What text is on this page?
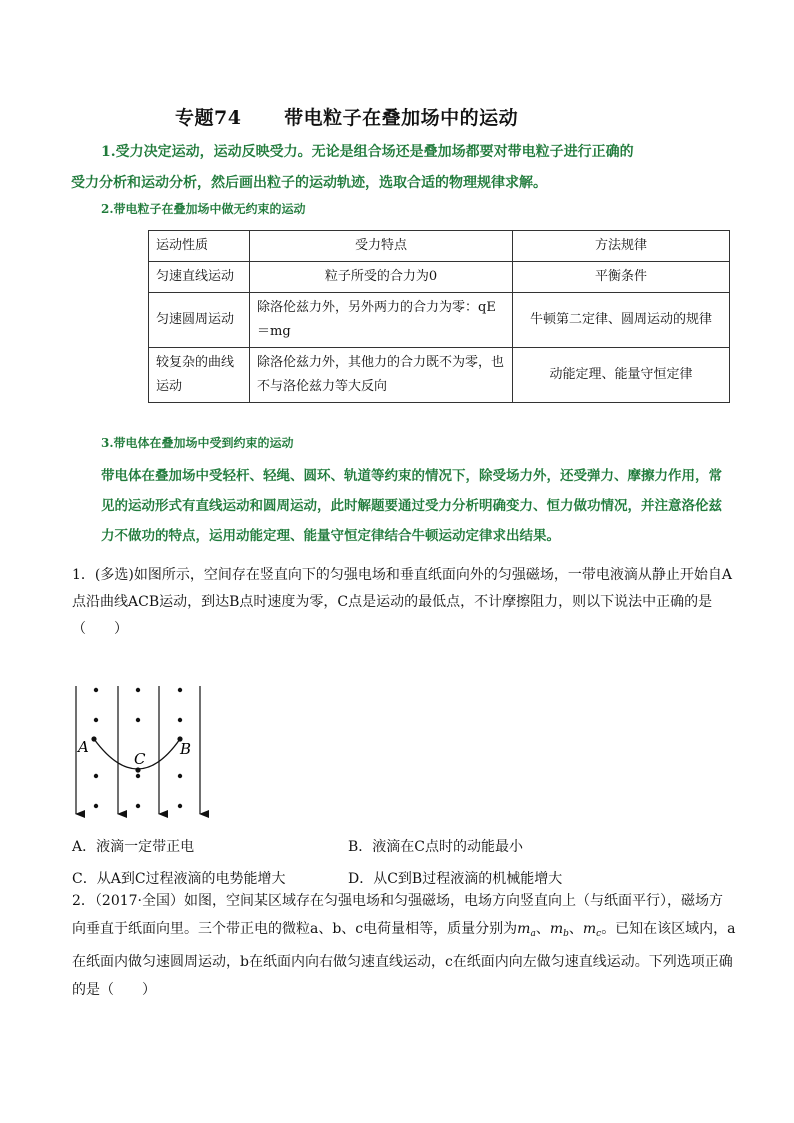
专题74      带电粒子在叠加场中的运动
1.受力决定运动，运动反映受力。无论是组合场还是叠加场都要对带电粒子进行正确的
受力分析和运动分析，然后画出粒子的运动轨迹，选取合适的物理规律求解。
2.带电粒子在叠加场中做无约束的运动
运动性质	受力特点	方法规律
匀速直线运动	粒子所受的合力为0	平衡条件
匀速圆周运动	除洛伦兹力外，另外两力的合力为零：qE＝mg	牛顿第二定律、圆周运动的规律
较复杂的曲线运动	除洛伦兹力外，其他力的合力既不为零，也不与洛伦兹力等大反向	动能定理、能量守恒定律
3.带电体在叠加场中受到约束的运动
带电体在叠加场中受轻杆、轻绳、圆环、轨道等约束的情况下，除受场力外，还受弹力、摩擦力作用，常见的运动形式有直线运动和圆周运动，此时解题要通过受力分析明确变力、恒力做功情况，并注意洛伦兹力不做功的特点，运用动能定理、能量守恒定律结合牛顿运动定律求出结果。
1．(多选)如图所示，空间存在竖直向下的匀强电场和垂直纸面向外的匀强磁场，一带电液滴从静止开始自A点沿曲线ACB运动，到达B点时速度为零，C点是运动的最低点，不计摩擦阻力，则以下说法中正确的是（　　）
A
C
B
A．液滴一定带正电	B．液滴在C点时的动能最小
C．从A到C过程液滴的电势能增大	D．从C到B过程液滴的机械能增大
2．（2017·全国）如图，空间某区域存在匀强电场和匀强磁场，电场方向竖直向上（与纸面平行），磁场方向垂直于纸面向里。三个带正电的微粒a、b、c电荷量相等，质量分别为$m_a$、$m_b$、$m_c$。已知在该区域内，a在纸面内做匀速圆周运动，b在纸面内向右做匀速直线运动，c在纸面内向左做匀速直线运动。下列选项正确的是（　　）
